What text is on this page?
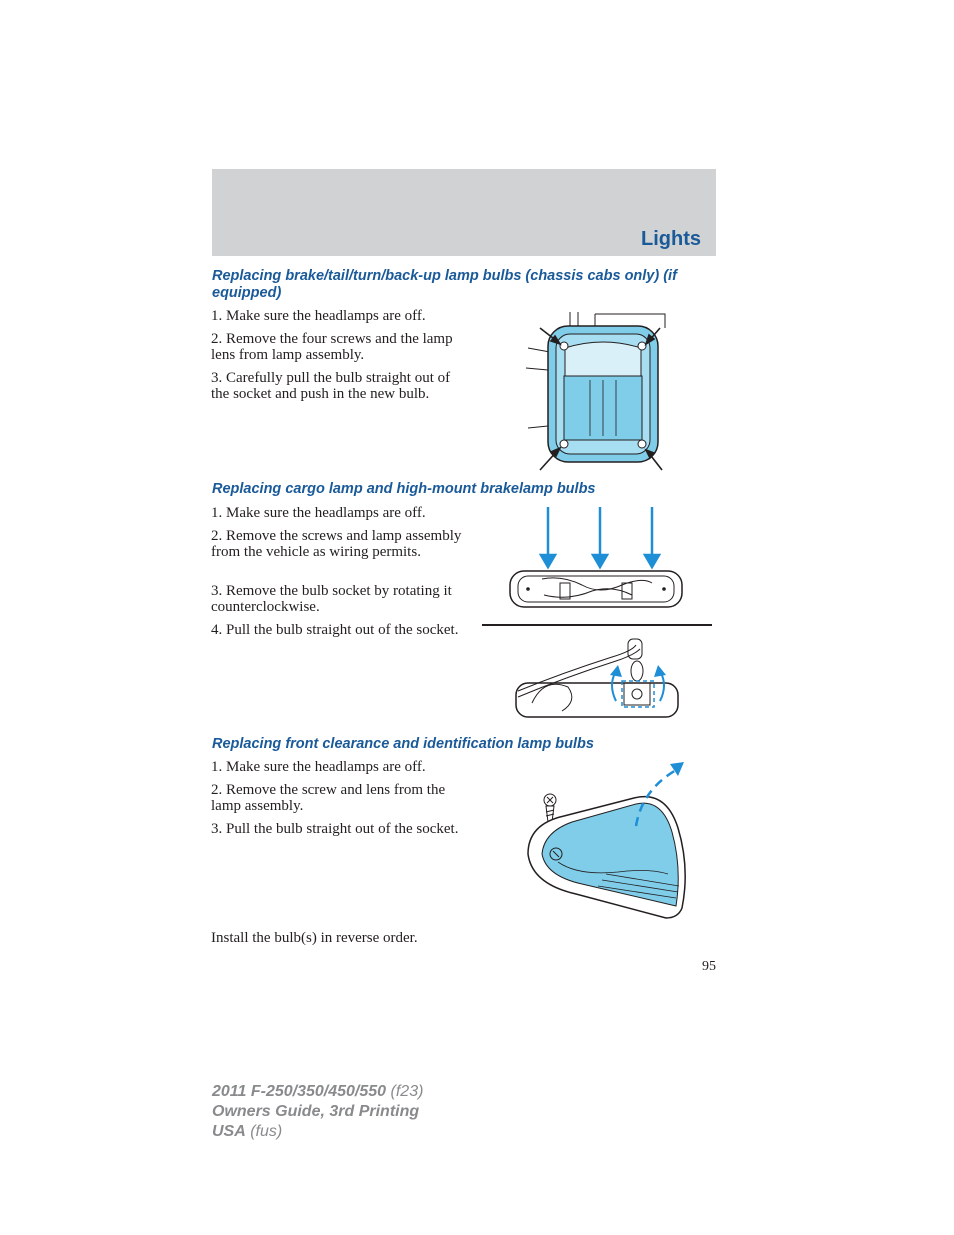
Lights
Replacing brake/tail/turn/back-up lamp bulbs (chassis cabs only) (if equipped)
1. Make sure the headlamps are off.
2. Remove the four screws and the lamp lens from lamp assembly.
3. Carefully pull the bulb straight out of the socket and push in the new bulb.
Replacing cargo lamp and high-mount brakelamp bulbs
1. Make sure the headlamps are off.
2. Remove the screws and lamp assembly from the vehicle as wiring permits.
3. Remove the bulb socket by rotating it counterclockwise.
4. Pull the bulb straight out of the socket.
Replacing front clearance and identification lamp bulbs
1. Make sure the headlamps are off.
2. Remove the screw and lens from the lamp assembly.
3. Pull the bulb straight out of the socket.
Install the bulb(s) in reverse order.
95
2011 F-250/350/450/550 (f23)
Owners Guide, 3rd Printing
USA (fus)
